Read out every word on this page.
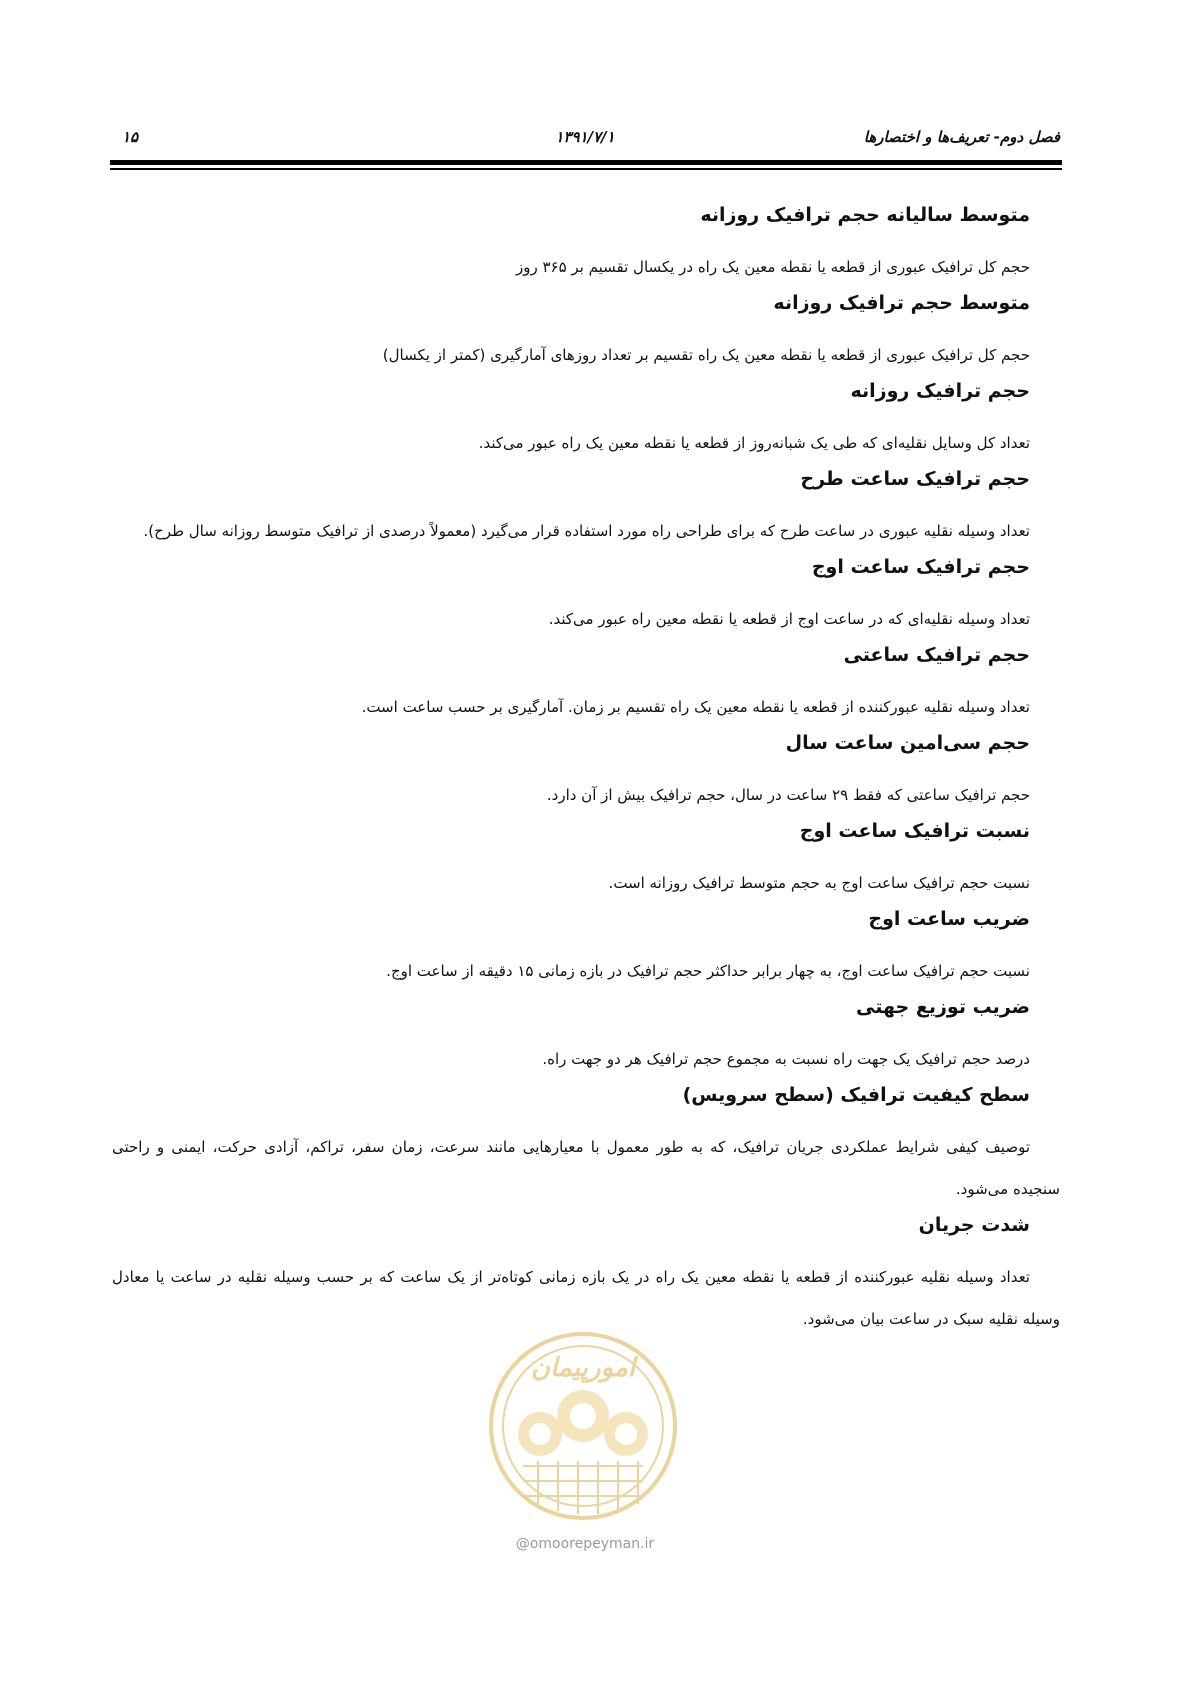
فصل دوم- تعریف‌ها و اختصارها
۱۳۹۱/۷/۱
۱۵
متوسط سالیانه حجم ترافیک روزانه
حجم کل ترافیک عبوری از قطعه یا نقطه معین یک راه در یکسال تقسیم بر ۳۶۵ روز
متوسط حجم ترافیک روزانه
حجم کل ترافیک عبوری از قطعه یا نقطه معین یک راه تقسیم بر تعداد روزهای آمارگیری (کمتر از یکسال)
حجم ترافیک روزانه
تعداد کل وسایل نقلیه‌ای که طی یک شبانه‌روز از قطعه یا نقطه معین یک راه عبور می‌کند.
حجم ترافیک ساعت طرح
تعداد وسیله نقلیه عبوری در ساعت طرح که برای طراحی راه مورد استفاده قرار می‌گیرد (معمولاً درصدی از ترافیک متوسط روزانه سال طرح).
حجم ترافیک ساعت اوج
تعداد وسیله نقلیه‌ای که در ساعت اوج از قطعه یا نقطه معین راه عبور می‌کند.
حجم ترافیک ساعتی
تعداد وسیله نقلیه عبورکننده از قطعه یا نقطه معین یک راه تقسیم بر زمان. آمارگیری بر حسب ساعت است.
حجم سی‌امین ساعت سال
حجم ترافیک ساعتی که فقط ۲۹ ساعت در سال، حجم ترافیک بیش از آن دارد.
نسبت ترافیک ساعت اوج
نسبت حجم ترافیک ساعت اوج به حجم متوسط ترافیک روزانه است.
ضریب ساعت اوج
نسبت حجم ترافیک ساعت اوج، به چهار برابر حداکثر حجم ترافیک در بازه زمانی ۱۵ دقیقه از ساعت اوج.
ضریب توزیع جهتی
درصد حجم ترافیک یک جهت راه نسبت به مجموع حجم ترافیک هر دو جهت راه.
سطح کیفیت ترافیک (سطح سرویس)
توصیف کیفی شرایط عملکردی جریان ترافیک، که به طور معمول با معیارهایی مانند سرعت، زمان سفر، تراکم، آزادی حرکت، ایمنی و راحتی سنجیده می‌شود.
شدت جریان
تعداد وسیله نقلیه عبورکننده از قطعه یا نقطه معین یک راه در یک بازه زمانی کوتاه‌تر از یک ساعت که بر حسب وسیله نقلیه در ساعت یا معادل وسیله نقلیه سبک در ساعت بیان می‌شود.
امورپیمان
@omoorepeyman.ir
